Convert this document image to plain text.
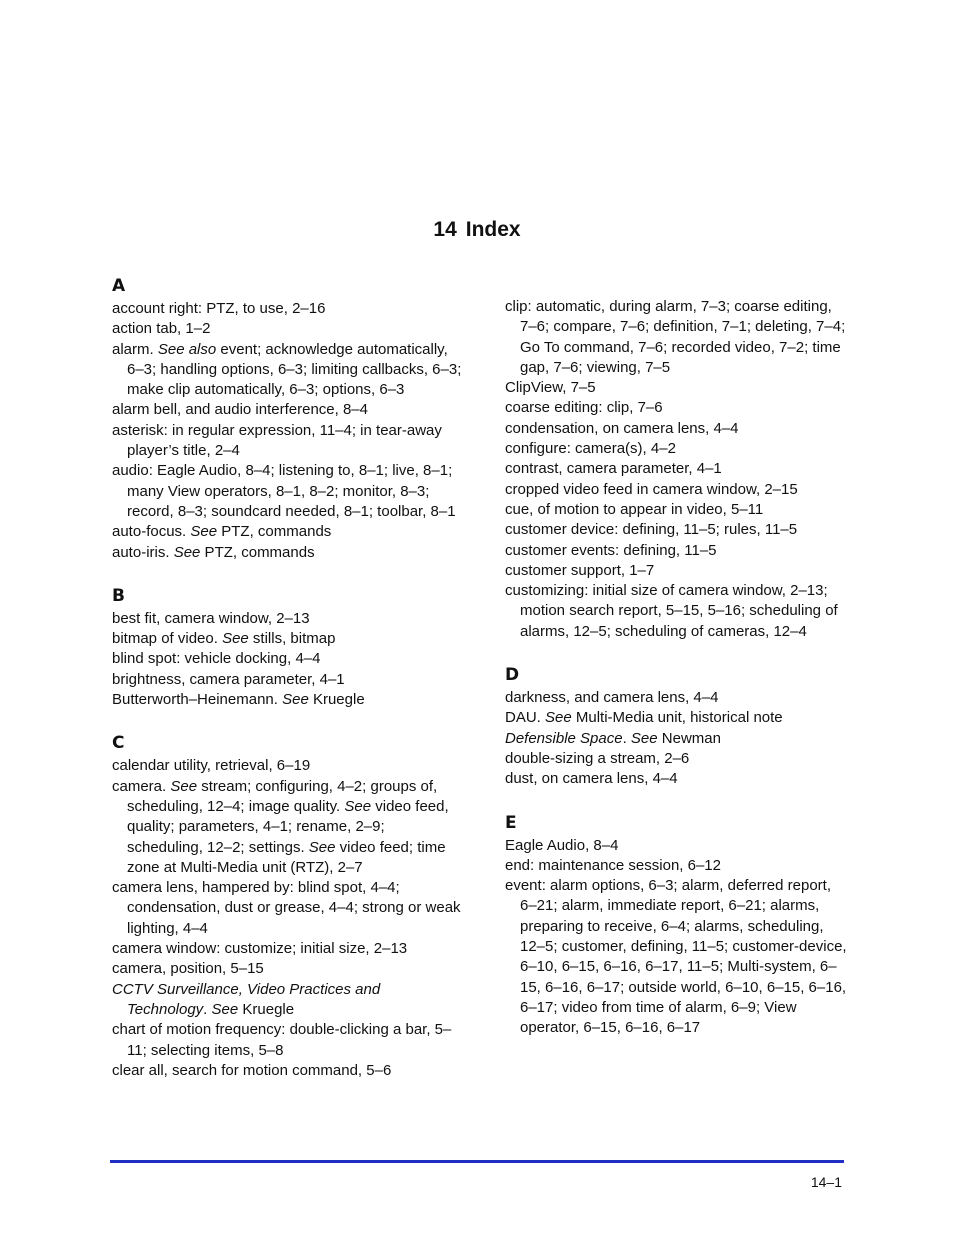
14 Index

A

account right: PTZ, to use, 2–16

action tab, 1–2

alarm. See also event; acknowledge automatically, 6–3; handling options, 6–3; limiting callbacks, 6–3; make clip automatically, 6–3; options, 6–3

alarm bell, and audio interference, 8–4

asterisk: in regular expression, 11–4; in tear-away player’s title, 2–4

audio: Eagle Audio, 8–4; listening to, 8–1; live, 8–1; many View operators, 8–1, 8–2; monitor, 8–3; record, 8–3; soundcard needed, 8–1; toolbar, 8–1

auto-focus. See PTZ, commands

auto-iris. See PTZ, commands

B

best fit, camera window, 2–13

bitmap of video. See stills, bitmap

blind spot: vehicle docking, 4–4

brightness, camera parameter, 4–1

Butterworth–Heinemann. See Kruegle

C

calendar utility, retrieval, 6–19

camera. See stream; configuring, 4–2; groups of, scheduling, 12–4; image quality. See video feed, quality; parameters, 4–1; rename, 2–9; scheduling, 12–2; settings. See video feed; time zone at Multi-Media unit (RTZ), 2–7

camera lens, hampered by: blind spot, 4–4; condensation, dust or grease, 4–4; strong or weak lighting, 4–4

camera window: customize; initial size, 2–13

camera, position, 5–15

CCTV Surveillance, Video Practices and Technology. See Kruegle

chart of motion frequency: double-clicking a bar, 5–11; selecting items, 5–8

clear all, search for motion command, 5–6

clip: automatic, during alarm, 7–3; coarse editing, 7–6; compare, 7–6; definition, 7–1; deleting, 7–4; Go To command, 7–6; recorded video, 7–2; time gap, 7–6; viewing, 7–5

ClipView, 7–5

coarse editing: clip, 7–6

condensation, on camera lens, 4–4

configure: camera(s), 4–2

contrast, camera parameter, 4–1

cropped video feed in camera window, 2–15

cue, of motion to appear in video, 5–11

customer device: defining, 11–5; rules, 11–5

customer events: defining, 11–5

customer support, 1–7

customizing: initial size of camera window, 2–13; motion search report, 5–15, 5–16; scheduling of alarms, 12–5; scheduling of cameras, 12–4

D

darkness, and camera lens, 4–4

DAU. See Multi-Media unit, historical note

Defensible Space. See Newman

double-sizing a stream, 2–6

dust, on camera lens, 4–4

E

Eagle Audio, 8–4

end: maintenance session, 6–12

event: alarm options, 6–3; alarm, deferred report, 6–21; alarm, immediate report, 6–21; alarms, preparing to receive, 6–4; alarms, scheduling, 12–5; customer, defining, 11–5; customer-device, 6–10, 6–15, 6–16, 6–17, 11–5; Multi-system, 6–15, 6–16, 6–17; outside world, 6–10, 6–15, 6–16, 6–17; video from time of alarm, 6–9; View operator, 6–15, 6–16, 6–17

14–1
